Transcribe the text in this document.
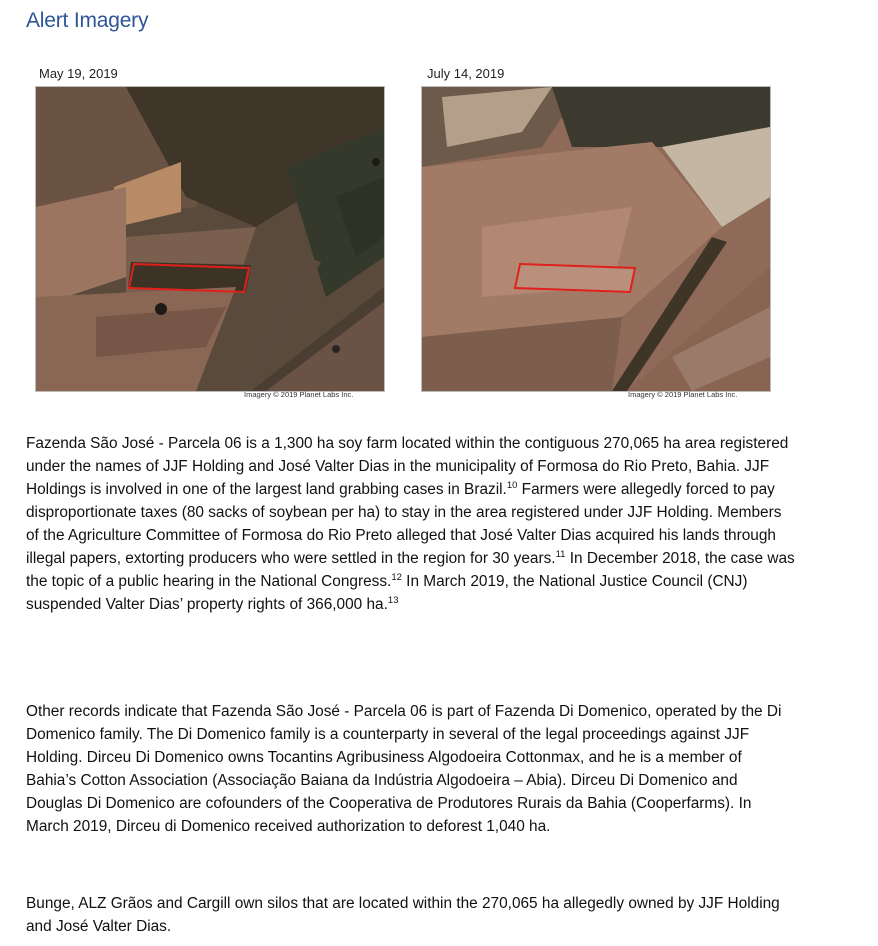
Alert Imagery
May 19, 2019	July 14, 2019
Imagery © 2019 Planet Labs Inc.	Imagery © 2019 Planet Labs Inc.

Fazenda São José - Parcela 06 is a 1,300 ha soy farm located within the contiguous 270,065 ha area registered under the names of JJF Holding and José Valter Dias in the municipality of Formosa do Rio Preto, Bahia. JJF Holdings is involved in one of the largest land grabbing cases in Brazil.$^{10}$ Farmers were allegedly forced to pay disproportionate taxes (80 sacks of soybean per ha) to stay in the area registered under JJF Holding. Members of the Agriculture Committee of Formosa do Rio Preto alleged that José Valter Dias acquired his lands through illegal papers, extorting producers who were settled in the region for 30 years.$^{11}$ In December 2018, the case was the topic of a public hearing in the National Congress.$^{12}$ In March 2019, the National Justice Council (CNJ) suspended Valter Dias’ property rights of 366,000 ha.$^{13}$

Other records indicate that Fazenda São José - Parcela 06 is part of Fazenda Di Domenico, operated by the Di Domenico family. The Di Domenico family is a counterparty in several of the legal proceedings against JJF Holding. Dirceu Di Domenico owns Tocantins Agribusiness Algodoeira Cottonmax, and he is a member of Bahia’s Cotton Association (Associação Baiana da Indústria Algodoeira – Abia). Dirceu Di Domenico and Douglas Di Domenico are cofounders of the Cooperativa de Produtores Rurais da Bahia (Cooperfarms). In March 2019, Dirceu di Domenico received authorization to deforest 1,040 ha.

Bunge, ALZ Grãos and Cargill own silos that are located within the 270,065 ha allegedly owned by JJF Holding and José Valter Dias.
